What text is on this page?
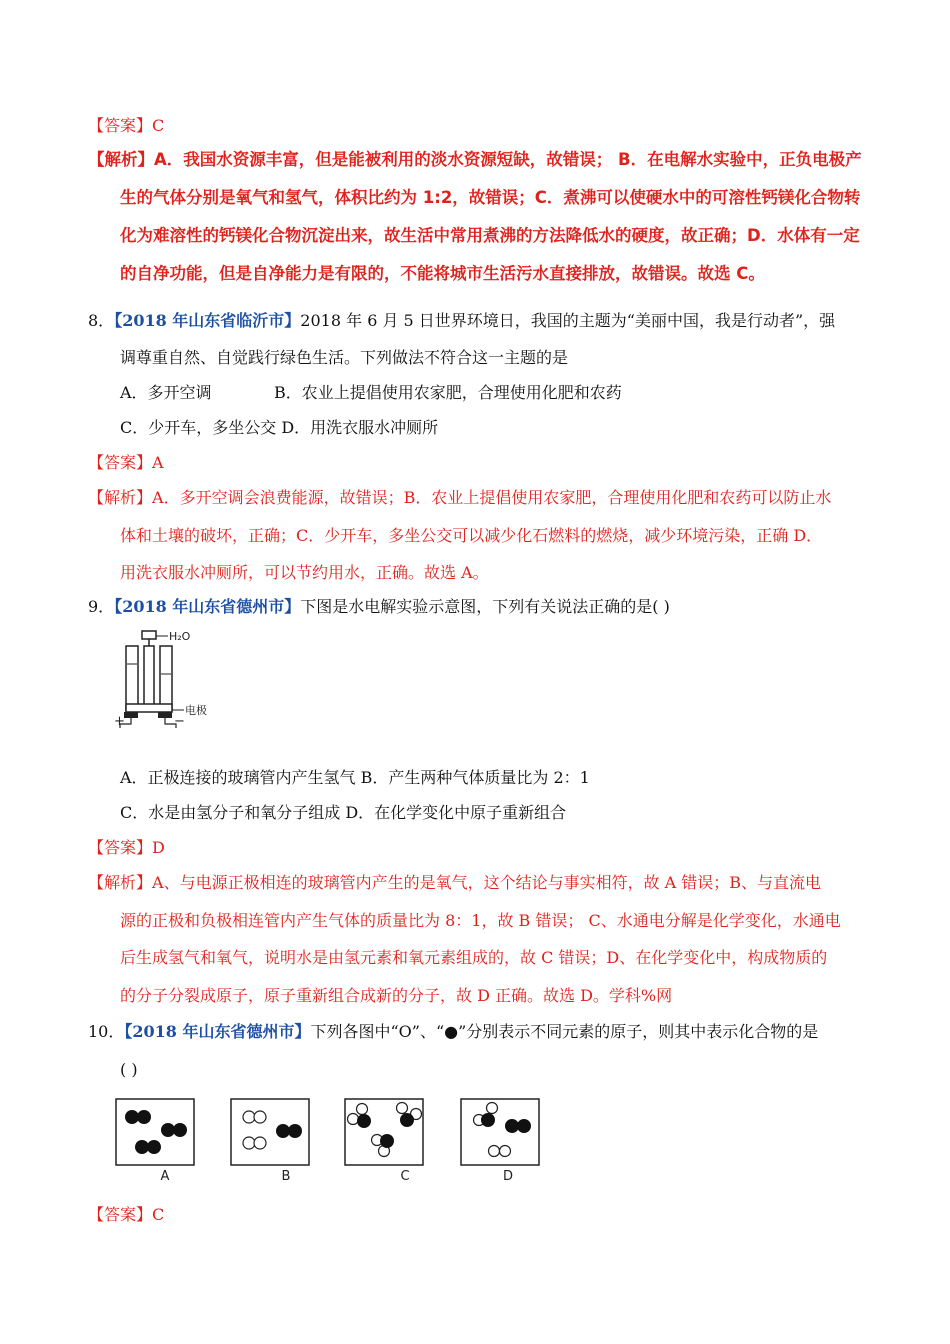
【答案】C
【解析】A．我国水资源丰富，但是能被利用的淡水资源短缺，故错误； B．在电解水实验中，正负电极产
生的气体分别是氧气和氢气，体积比约为 1:2，故错误；C．煮沸可以使硬水中的可溶性钙镁化合物转
化为难溶性的钙镁化合物沉淀出来，故生活中常用煮沸的方法降低水的硬度，故正确；D．水体有一定
的自净功能，但是自净能力是有限的，不能将城市生活污水直接排放，故错误。故选 C。
8．【2018 年山东省临沂市】2018 年 6 月 5 日世界环境日，我国的主题为“美丽中国，我是行动者”，强
调尊重自然、自觉践行绿色生活。下列做法不符合这一主题的是
A．多开空调	B．农业上提倡使用农家肥，合理使用化肥和农药
C．少开车，多坐公交 D．用洗衣服水冲厕所
【答案】A
【解析】A．多开空调会浪费能源，故错误；B．农业上提倡使用农家肥，合理使用化肥和农药可以防止水
体和土壤的破坏，正确；C．少开车，多坐公交可以减少化石燃料的燃烧，减少环境污染，正确 D．
用洗衣服水冲厕所，可以节约用水，正确。故选 A。
9．【2018 年山东省德州市】下图是水电解实验示意图，下列有关说法正确的是( )
H₂O
电极
+	−
A．正极连接的玻璃管内产生氢气 B．产生两种气体质量比为 2：1
C．水是由氢分子和氧分子组成 D．在化学变化中原子重新组合
【答案】D
【解析】A、与电源正极相连的玻璃管内产生的是氧气，这个结论与事实相符，故 A 错误；B、与直流电
源的正极和负极相连管内产生气体的质量比为 8：1，故 B 错误； C、水通电分解是化学变化，水通电
后生成氢气和氧气，说明水是由氢元素和氧元素组成的，故 C 错误；D、在化学变化中，构成物质的
的分子分裂成原子，原子重新组合成新的分子，故 D 正确。故选 D。学科%网
10．【2018 年山东省德州市】下列各图中“O”、“●”分别表示不同元素的原子，则其中表示化合物的是
( )
A	B	C	D
【答案】C
